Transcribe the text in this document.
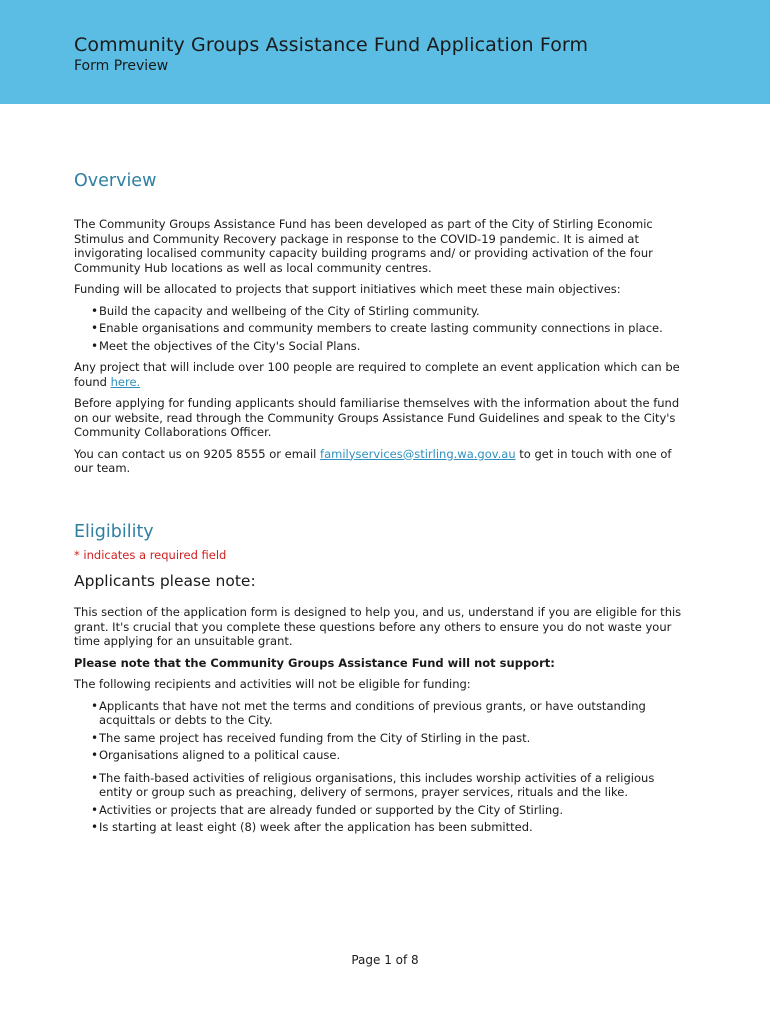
Community Groups Assistance Fund Application Form
Form Preview
Overview

The Community Groups Assistance Fund has been developed as part of the City of Stirling Economic Stimulus and Community Recovery package in response to the COVID-19 pandemic. It is aimed at invigorating localised community capacity building programs and/ or providing activation of the four Community Hub locations as well as local community centres.

Funding will be allocated to projects that support initiatives which meet these main objectives:

• Build the capacity and wellbeing of the City of Stirling community.
• Enable organisations and community members to create lasting community connections in place.
• Meet the objectives of the City's Social Plans.

Any project that will include over 100 people are required to complete an event application which can be found here.

Before applying for funding applicants should familiarise themselves with the information about the fund on our website, read through the Community Groups Assistance Fund Guidelines and speak to the City's Community Collaborations Officer.

You can contact us on 9205 8555 or email familyservices@stirling.wa.gov.au to get in touch with one of our team.

Eligibility

* indicates a required field

Applicants please note:

This section of the application form is designed to help you, and us, understand if you are eligible for this grant. It's crucial that you complete these questions before any others to ensure you do not waste your time applying for an unsuitable grant.

Please note that the Community Groups Assistance Fund will not support:

The following recipients and activities will not be eligible for funding:

• Applicants that have not met the terms and conditions of previous grants, or have outstanding acquittals or debts to the City.
• The same project has received funding from the City of Stirling in the past.
• Organisations aligned to a political cause.
• The faith-based activities of religious organisations, this includes worship activities of a religious entity or group such as preaching, delivery of sermons, prayer services, rituals and the like.
• Activities or projects that are already funded or supported by the City of Stirling.
• Is starting at least eight (8) week after the application has been submitted.
Page 1 of 8
